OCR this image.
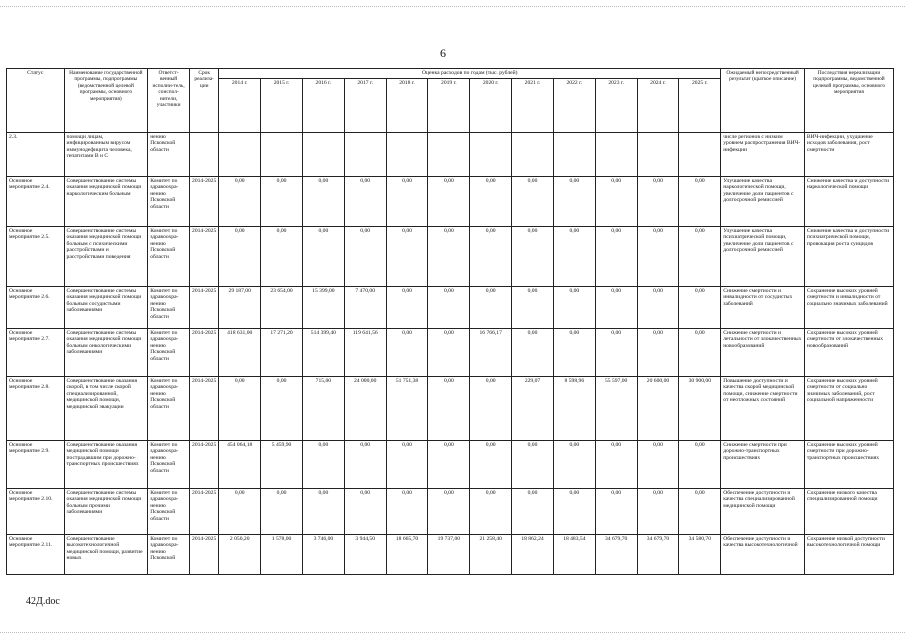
6
Статус	Наименование государственной программы, подпрограммы (ведомственной целевой программы, основного мероприятия)	Ответст-венный исполни-тель, соиспол-нители, участники	Срок реализа-ции	Оценка расходов по годам (тыс. рублей)												Ожидаемый непосредственный результат (краткое описание)	Последствия нереализации подпрограммы, ведомственной целевой программы, основного мероприятия
				2014 г.	2015 г.	2016 г.	2017 г.	2018 г.	2019 г.	2020 г.	2021 г.	2022 г.	2023 г.	2024 г.	2025 г.		
2.3.	помощи лицам, инфицированным вирусом иммунодефицита человека, гепатитами В и С	нению Псковской области														числе регионов с низким уровнем распространения ВИЧ-инфекции	ВИЧ-инфекции, ухудшение исходов заболевания, рост смертности
Основное мероприятие 2.4.	Совершенствование системы оказания медицинской помощи наркологическим больным	Комитет по здравоохра-нению Псковской области	2014-2025	0,00	0,00	0,00	0,00	0,00	0,00	0,00	0,00	0,00	0,00	0,00	0,00	Улучшение качества наркологической помощи, увеличение доли пациентов с долгосрочной ремиссией	Снижение качества и доступности наркологической помощи
Основное мероприятие 2.5.	Совершенствование системы оказания медицинской помощи больным с психическими расстройствами и расстройствами поведения	Комитет по здравоохра-нению Псковской области	2014-2025	0,00	0,00	0,00	0,00	0,00	0,00	0,00	0,00	0,00	0,00	0,00	0,00	Улучшение качества психиатрической помощи, увеличение доли пациентов с долгосрочной ремиссией	Снижение качества и доступности психиатрической помощи, провокация роста суицидов
Основное мероприятие 2.6.	Совершенствование системы оказания медицинской помощи больным сосудистыми заболеваниями	Комитет по здравоохра-нению Псковской области	2014-2025	29 187,00	23 654,00	15 399,00	7 470,00	0,00	0,00	0,00	0,00	0,00	0,00	0,00	0,00	Снижение смертности и инвалидности от сосудистых заболеваний	Сохранение высоких уровней смертности и инвалидности от социально значимых заболеваний
Основное мероприятие 2.7.	Совершенствование системы оказания медицинской помощи больным онкологическими заболеваниями	Комитет по здравоохра-нению Псковской области	2014-2025	418 631,00	17 271,20	514 399,40	119 641,56	0,00	0,00	16 766,17	0,00	0,00	0,00	0,00	0,00	Снижение смертности и летальности от злокачественных новообразований	Сохранение высоких уровней смертности от злокачественных новообразований
Основное мероприятие 2.8.	Совершенствование оказания скорой, в том числе скорой специализированной, медицинской помощи, медицинской эвакуации	Комитет по здравоохра-нению Псковской области	2014-2025	0,00	0,00	715,00	24 000,00	51 751,38	0,00	0,00	229,07	8 598,96	55 597,00	20 600,00	30 900,00	Повышение доступности и качества скорой медицинской помощи, снижение смертности от неотложных состояний	Сохранение высоких уровней смертности от социально значимых заболеваний, рост социальной напряженности
Основное мероприятие 2.9.	Совершенствование оказания медицинской помощи пострадавшим при дорожно-транспортных происшествиях	Комитет по здравоохра-нению Псковской области	2014-2025	454 064,18	5 459,90	0,00	0,00	0,00	0,00	0,00	0,00	0,00	0,00	0,00	0,00	Снижение смертности при дорожно-транспортных происшествиях	Сохранение высоких уровней смертности при дорожно-транспортных происшествиях
Основное мероприятие 2.10.	Совершенствование системы оказания медицинской помощи больным прочими заболеваниями	Комитет по здравоохра-нению Псковской области	2014-2025	0,00	0,00	0,00	0,00	0,00	0,00	0,00	0,00	0,00	0,00	0,00	0,00	Обеспечение доступности и качества специализированной медицинской помощи	Сохранение низкого качества специализированной помощи
Основное мероприятие 2.11.	Совершенствование высокотехнологичной медицинской помощи, развитие новых	Комитет по здравоохра-нению Псковской	2014-2025	2 050,20	1 578,00	3 746,00	3 944,50	18 665,70	19 737,00	21 258,40	18 862,24	18 483,54	34 679,70	34 679,70	34 580,70	Обеспечение доступности и качества высокотехнологичной	Сохранение низкой доступности высокотехнологичной помощи
42Д.doc
